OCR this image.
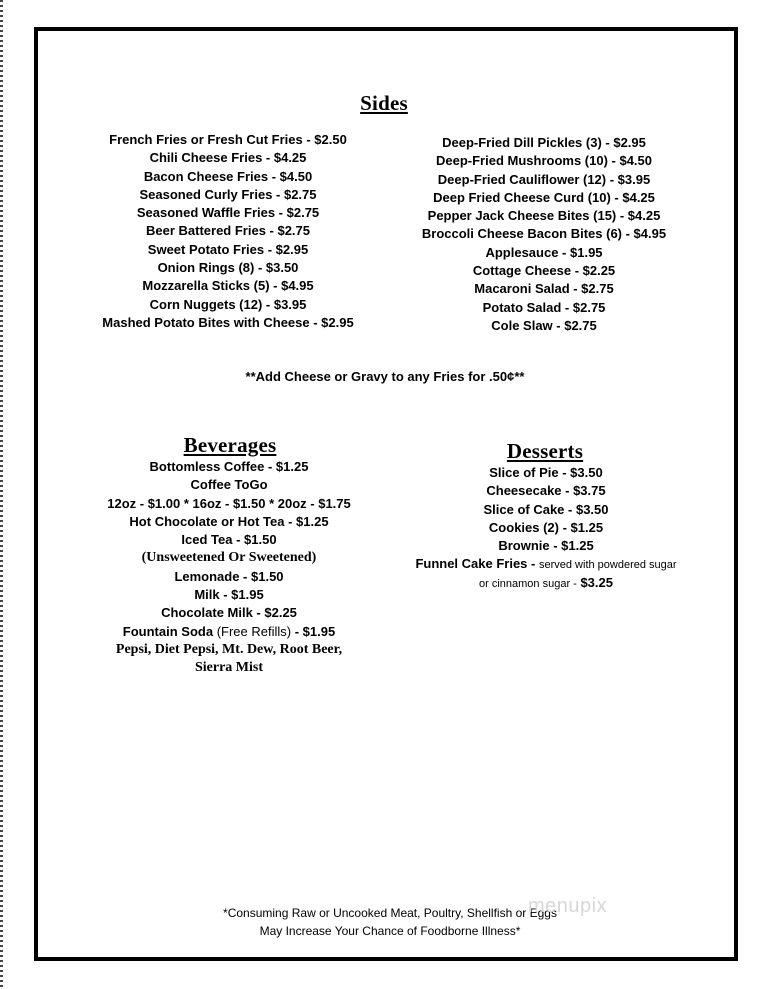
Sides
French Fries or Fresh Cut Fries - $2.50
Chili Cheese Fries - $4.25
Bacon Cheese Fries - $4.50
Seasoned Curly Fries - $2.75
Seasoned Waffle Fries - $2.75
Beer Battered Fries - $2.75
Sweet Potato Fries - $2.95
Onion Rings (8) - $3.50
Mozzarella Sticks (5) - $4.95
Corn Nuggets (12) - $3.95
Mashed Potato Bites with Cheese - $2.95
Deep-Fried Dill Pickles (3) - $2.95
Deep-Fried Mushrooms (10) - $4.50
Deep-Fried Cauliflower (12) - $3.95
Deep Fried Cheese Curd (10) - $4.25
Pepper Jack Cheese Bites (15) - $4.25
Broccoli Cheese Bacon Bites (6) - $4.95
Applesauce - $1.95
Cottage Cheese - $2.25
Macaroni Salad - $2.75
Potato Salad - $2.75
Cole Slaw - $2.75
**Add Cheese or Gravy to any Fries for .50¢**
Beverages
Bottomless Coffee - $1.25
Coffee ToGo
12oz - $1.00 * 16oz - $1.50 * 20oz - $1.75
Hot Chocolate or Hot Tea - $1.25
Iced Tea - $1.50
(Unsweetened Or Sweetened)
Lemonade - $1.50
Milk - $1.95
Chocolate Milk - $2.25
Fountain Soda (Free Refills) - $1.95
Pepsi, Diet Pepsi, Mt. Dew, Root Beer,
Sierra Mist
Desserts
Slice of Pie - $3.50
Cheesecake - $3.75
Slice of Cake - $3.50
Cookies (2) - $1.25
Brownie - $1.25
Funnel Cake Fries - served with powdered sugar
or cinnamon sugar - $3.25
*Consuming Raw or Uncooked Meat, Poultry, Shellfish or Eggs
May Increase Your Chance of Foodborne Illness*
menupix
